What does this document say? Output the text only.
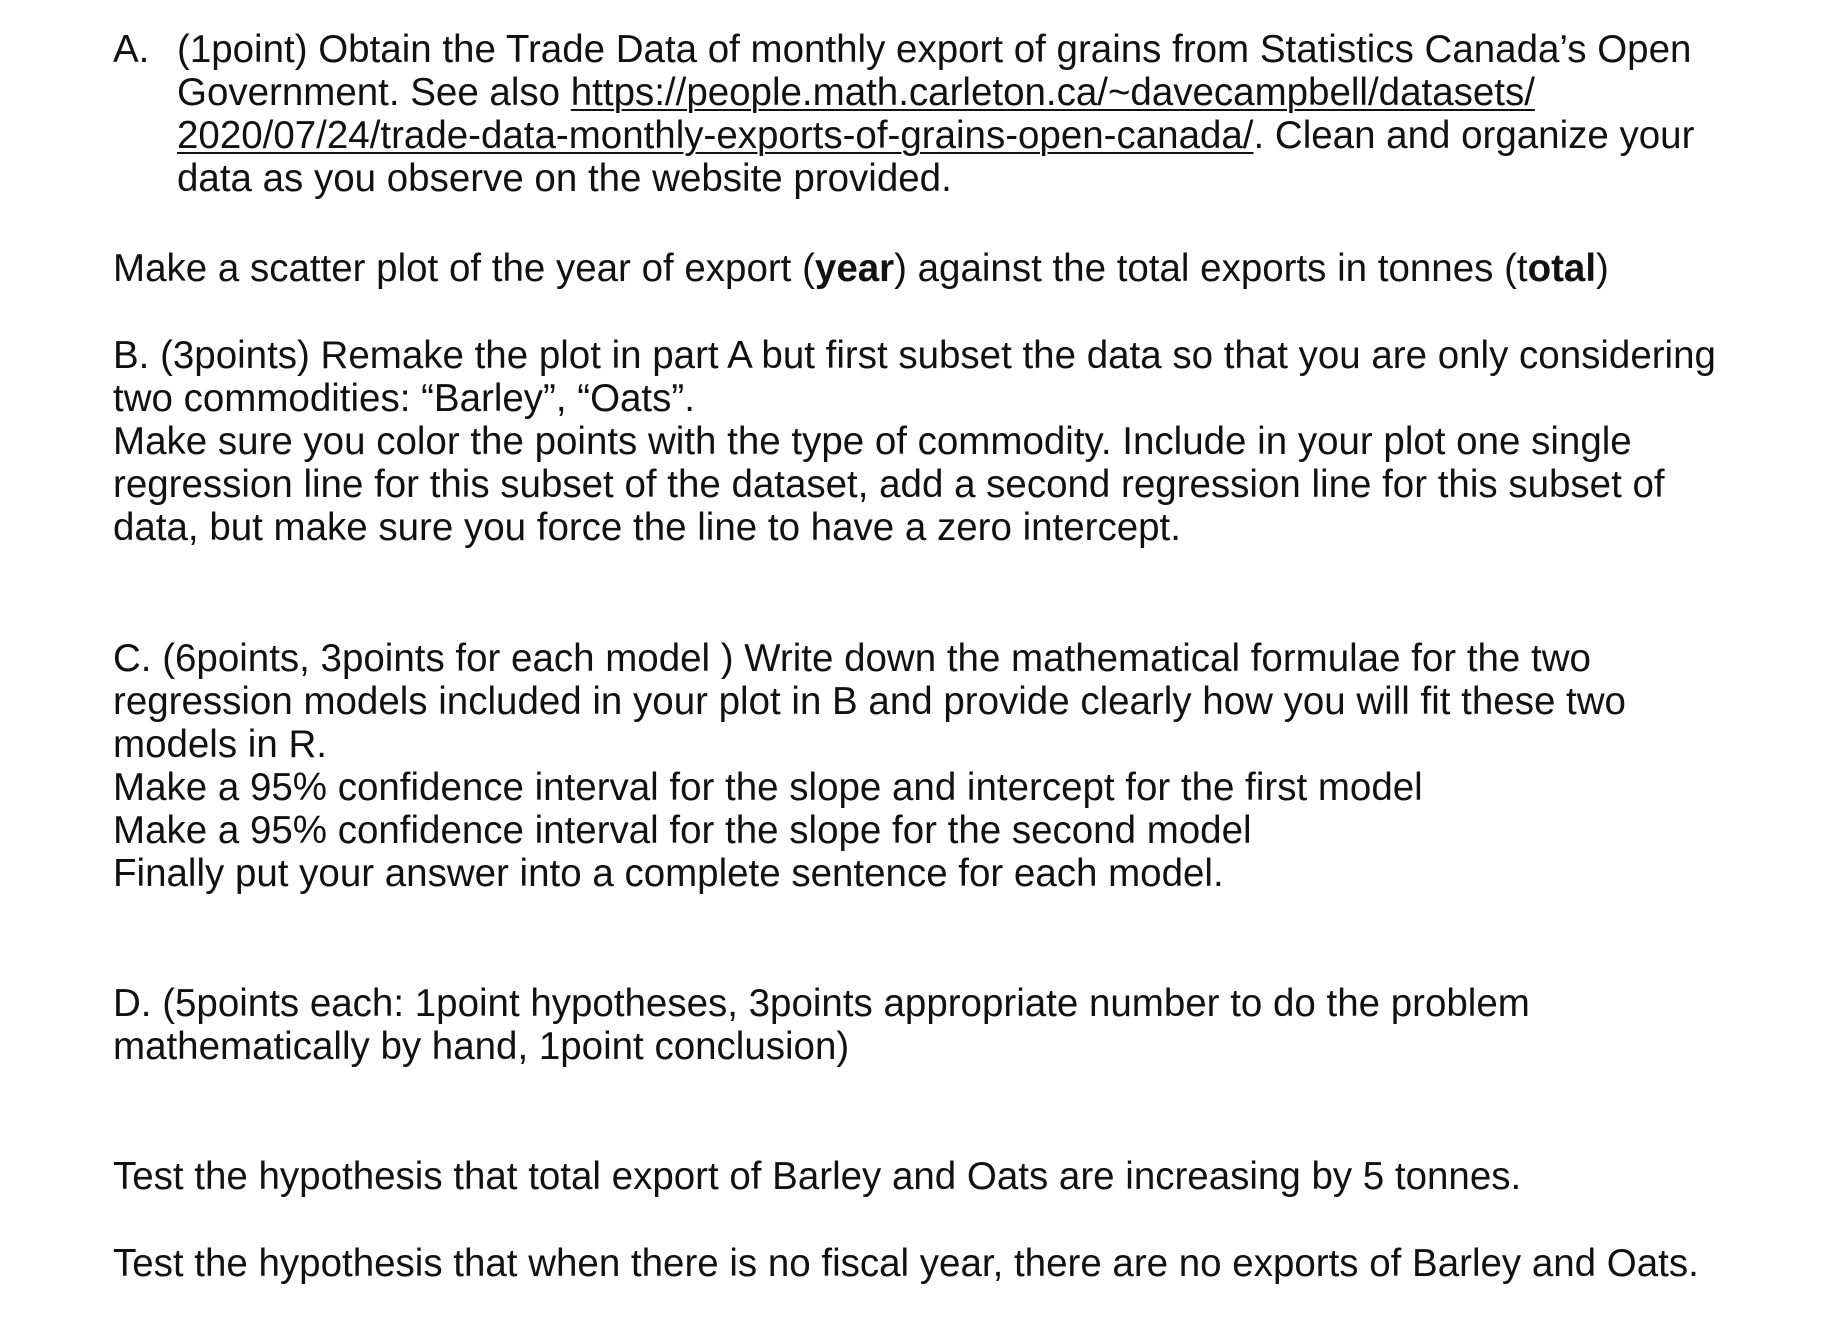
A. (1point) Obtain the Trade Data of monthly export of grains from Statistics Canada’s Open
Government. See also https://people.math.carleton.ca/~davecampbell/datasets/
2020/07/24/trade-data-monthly-exports-of-grains-open-canada/. Clean and organize your
data as you observe on the website provided.
Make a scatter plot of the year of export (year) against the total exports in tonnes (total)
B. (3points) Remake the plot in part A but first subset the data so that you are only considering
two commodities: “Barley”, “Oats”.
Make sure you color the points with the type of commodity. Include in your plot one single
regression line for this subset of the dataset, add a second regression line for this subset of
data, but make sure you force the line to have a zero intercept.
C. (6points, 3points for each model ) Write down the mathematical formulae for the two
regression models included in your plot in B and provide clearly how you will fit these two
models in R.
Make a 95% confidence interval for the slope and intercept for the first model
Make a 95% confidence interval for the slope for the second model
Finally put your answer into a complete sentence for each model.
D. (5points each: 1point hypotheses, 3points appropriate number to do the problem
mathematically by hand, 1point conclusion)
Test the hypothesis that total export of Barley and Oats are increasing by 5 tonnes.
Test the hypothesis that when there is no fiscal year, there are no exports of Barley and Oats.
